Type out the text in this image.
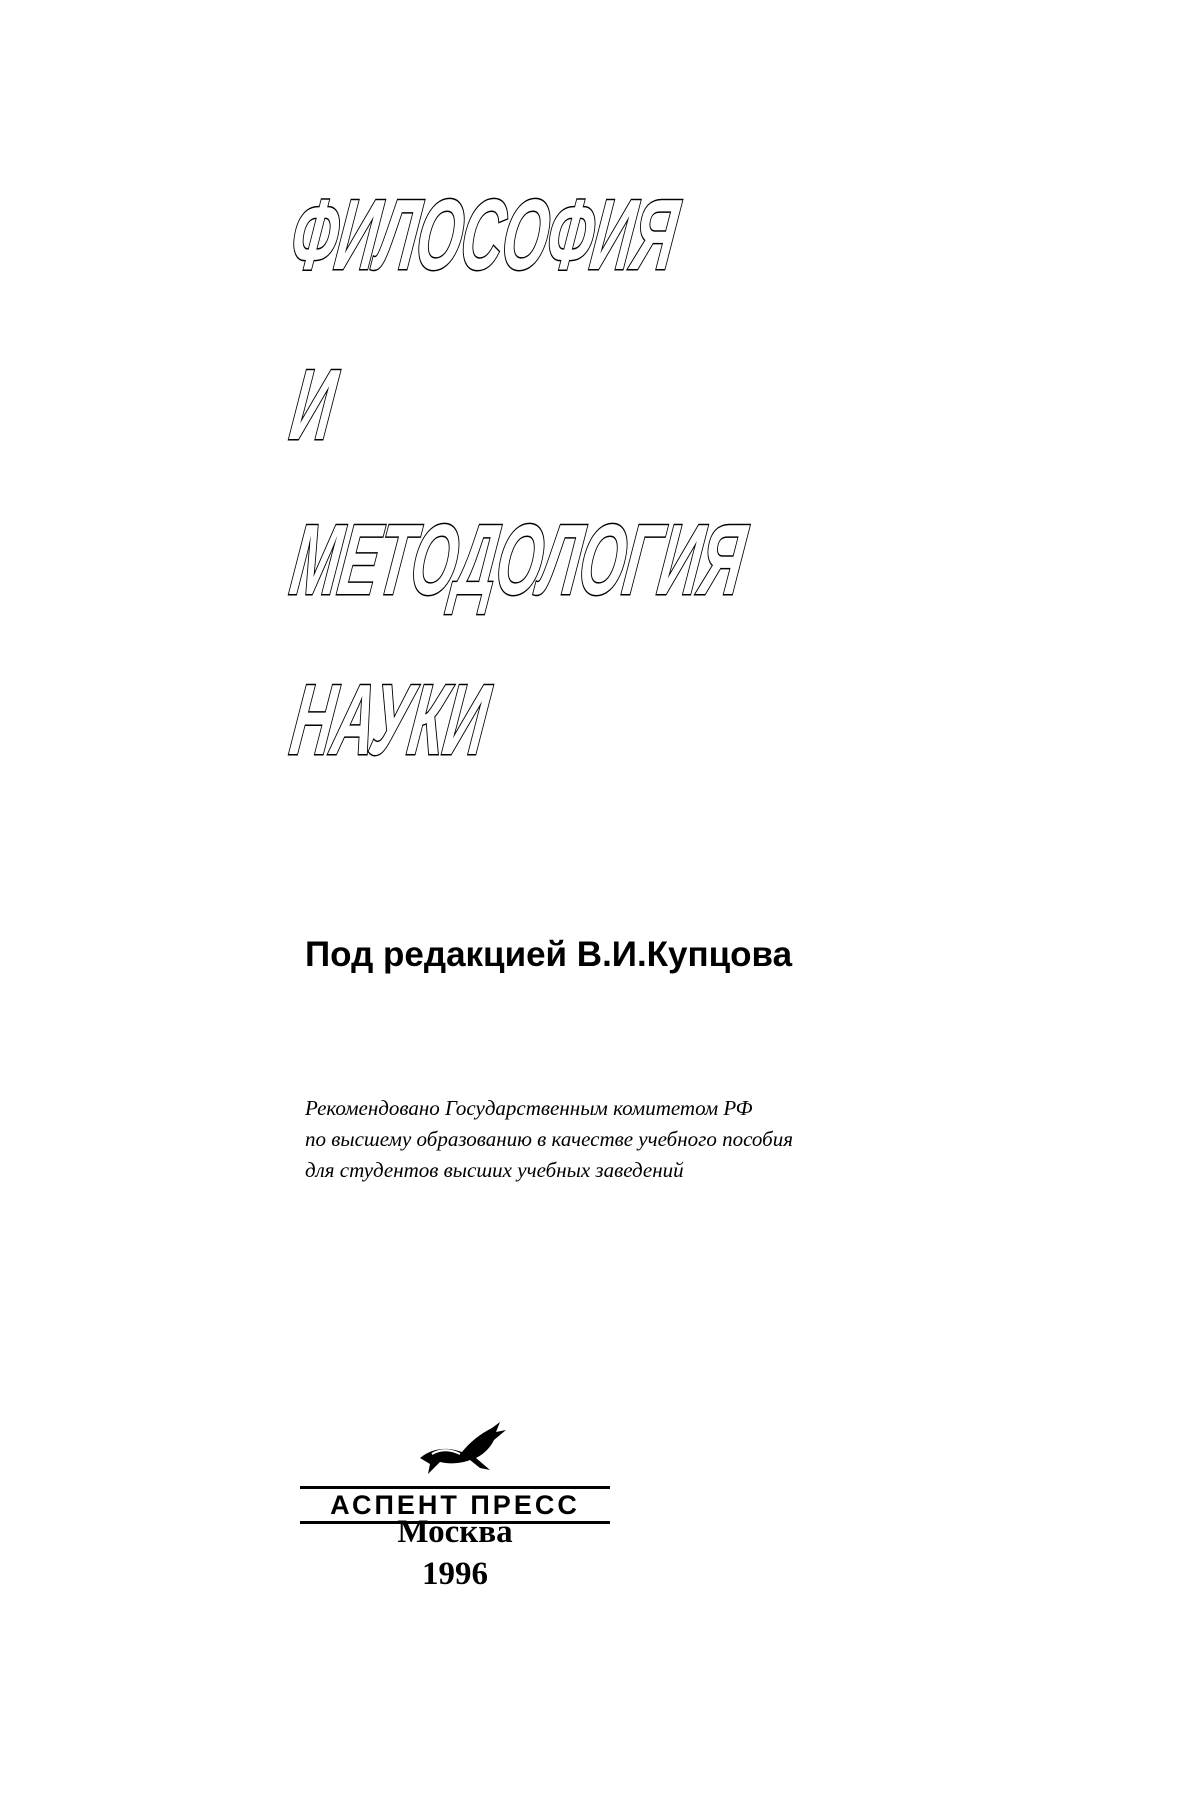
ФИЛОСОФИЯ
И
МЕТОДОЛОГИЯ
НАУКИ

Под редакцией В.И.Купцова

Рекомендовано Государственным комитетом РФ
по высшему образованию в качестве учебного пособия
для студентов высших учебных заведений

АСПЕНТ ПРЕСС
Москва
1996
